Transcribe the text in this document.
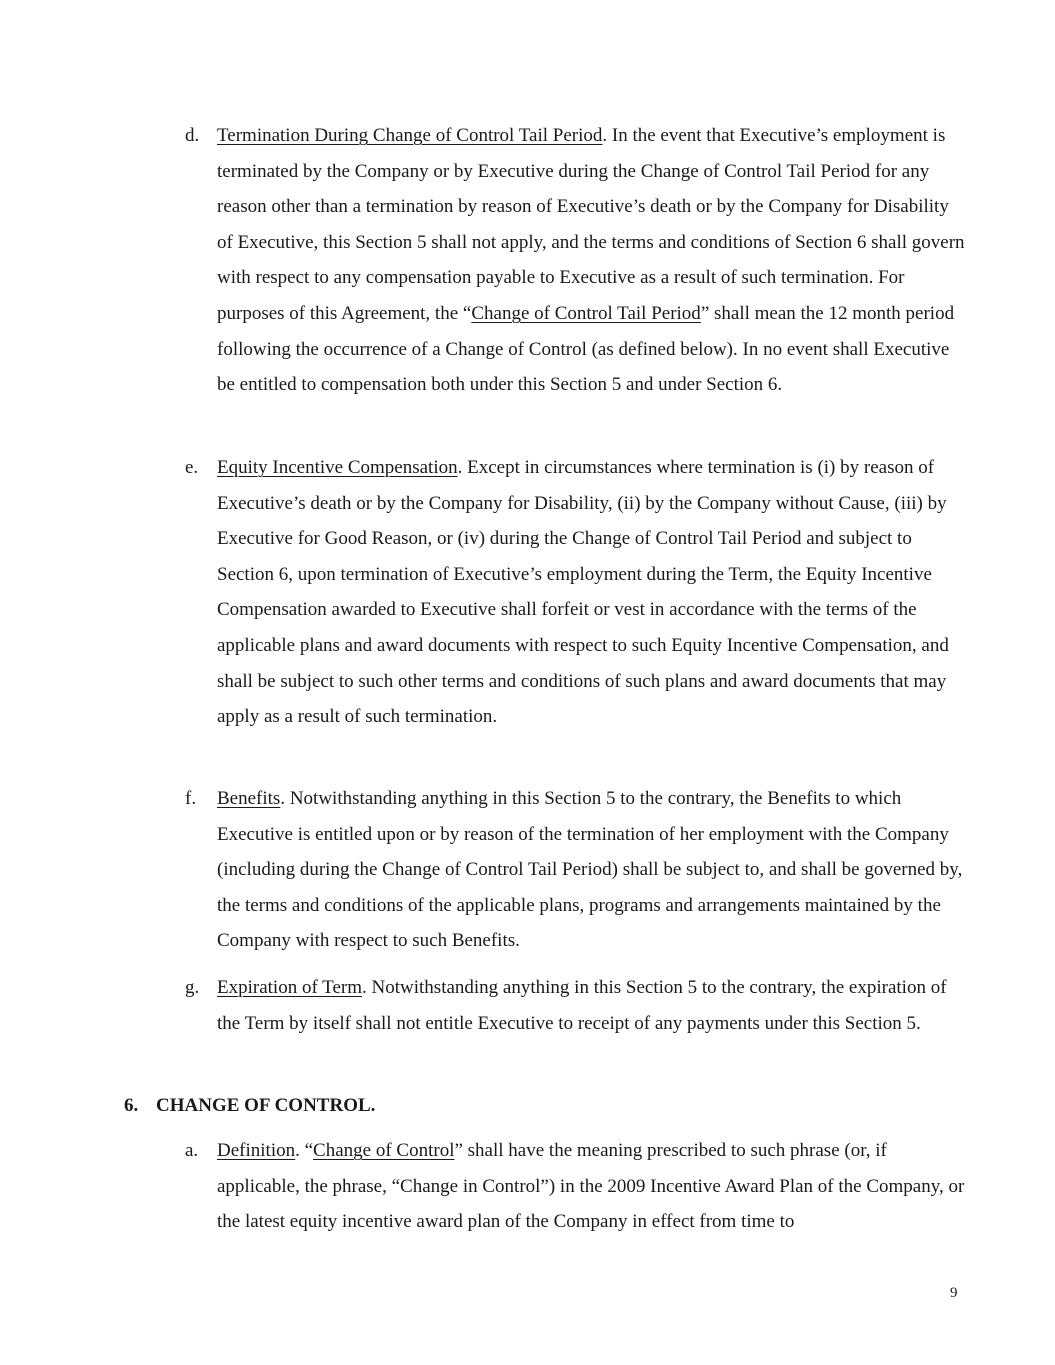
d. Termination During Change of Control Tail Period. In the event that Executive’s employment is terminated by the Company or by Executive during the Change of Control Tail Period for any reason other than a termination by reason of Executive’s death or by the Company for Disability of Executive, this Section 5 shall not apply, and the terms and conditions of Section 6 shall govern with respect to any compensation payable to Executive as a result of such termination. For purposes of this Agreement, the “Change of Control Tail Period” shall mean the 12 month period following the occurrence of a Change of Control (as defined below). In no event shall Executive be entitled to compensation both under this Section 5 and under Section 6.

e. Equity Incentive Compensation. Except in circumstances where termination is (i) by reason of Executive’s death or by the Company for Disability, (ii) by the Company without Cause, (iii) by Executive for Good Reason, or (iv) during the Change of Control Tail Period and subject to Section 6, upon termination of Executive’s employment during the Term, the Equity Incentive Compensation awarded to Executive shall forfeit or vest in accordance with the terms of the applicable plans and award documents with respect to such Equity Incentive Compensation, and shall be subject to such other terms and conditions of such plans and award documents that may apply as a result of such termination.

f. Benefits. Notwithstanding anything in this Section 5 to the contrary, the Benefits to which Executive is entitled upon or by reason of the termination of her employment with the Company (including during the Change of Control Tail Period) shall be subject to, and shall be governed by, the terms and conditions of the applicable plans, programs and arrangements maintained by the Company with respect to such Benefits.

g. Expiration of Term. Notwithstanding anything in this Section 5 to the contrary, the expiration of the Term by itself shall not entitle Executive to receipt of any payments under this Section 5.

6. CHANGE OF CONTROL.

a. Definition. “Change of Control” shall have the meaning prescribed to such phrase (or, if applicable, the phrase, “Change in Control”) in the 2009 Incentive Award Plan of the Company, or the latest equity incentive award plan of the Company in effect from time to

9
